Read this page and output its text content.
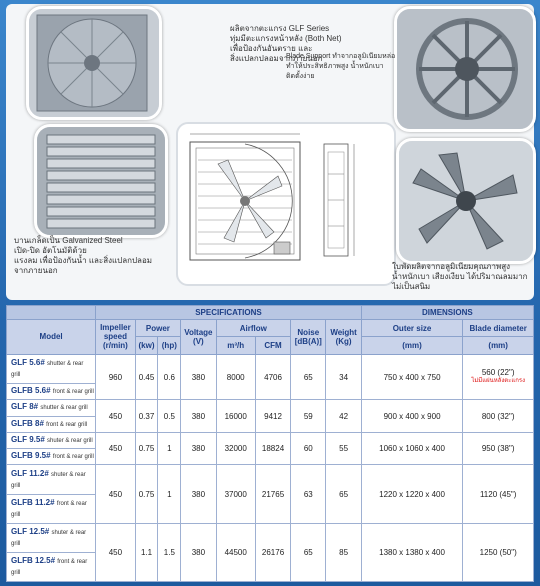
ผลิตจากตะแกรง GLF Series
ทุ่มมีตะแกรงหน้าหลัง (Both Net)
เพื่อป้องกันอันตราย และ
สิ่งแปลกปลอมจากภายนอก
Blade Support ทำจากอลูมิเนียมหล่อ
ทำให้ประสิทธิภาพสูง น้ำหนักเบา
ติดตั้งง่าย
บานเกล็ดเป็น Galvanized Steel
เปิด-ปิด อัตโนมัติด้วย
แรงลม เพื่อป้องกันน้ำ และสิ่งแปลกปลอม
จากภายนอก	ใบพัดผลิตจากอลูมิเนียมคุณภาพสูง
น้ำหนักเบา เสียงเงียบ ได้ปริมาณลมมาก
ไม่เป็นสนิม
	SPECIFICATIONS								DIMENSIONS	
Model	Impeller speed (r/min)	Power		Voltage (V)	Airflow		Noise [dB(A)]	Weight (Kg)	Outer size	Blade diameter
		(kw)	(hp)		m³/h	CFM			(mm)	(mm)
GLF 5.6# shutter & rear grill	960	0.45	0.6	380	8000	4706	65	34	750 x 400 x 750	560 (22")
ไม่มีแผ่นหลังตะแกรง

GLFB 5.6# front & rear grill										
GLF 8# shutter & rear grill	450	0.37	0.5	380	16000	9412	59	42	900 x 400 x 900	800 (32")
GLFB 8# front & rear grill										
GLF 9.5# shuter & rear grill	450	0.75	1	380	32000	18824	60	55	1060 x 1060 x 400	950 (38")
GLFB 9.5# front & rear grill										
GLF 11.2# shuter & rear grill	450	0.75	1	380	37000	21765	63	65	1220 x 1220 x 400	1120 (45")
GLFB 11.2# front & rear grill										
GLF 12.5# shuter & rear grill	450	1.1	1.5	380	44500	26176	65	85	1380 x 1380 x 400	1250 (50")
GLFB 12.5# front & rear grill										
